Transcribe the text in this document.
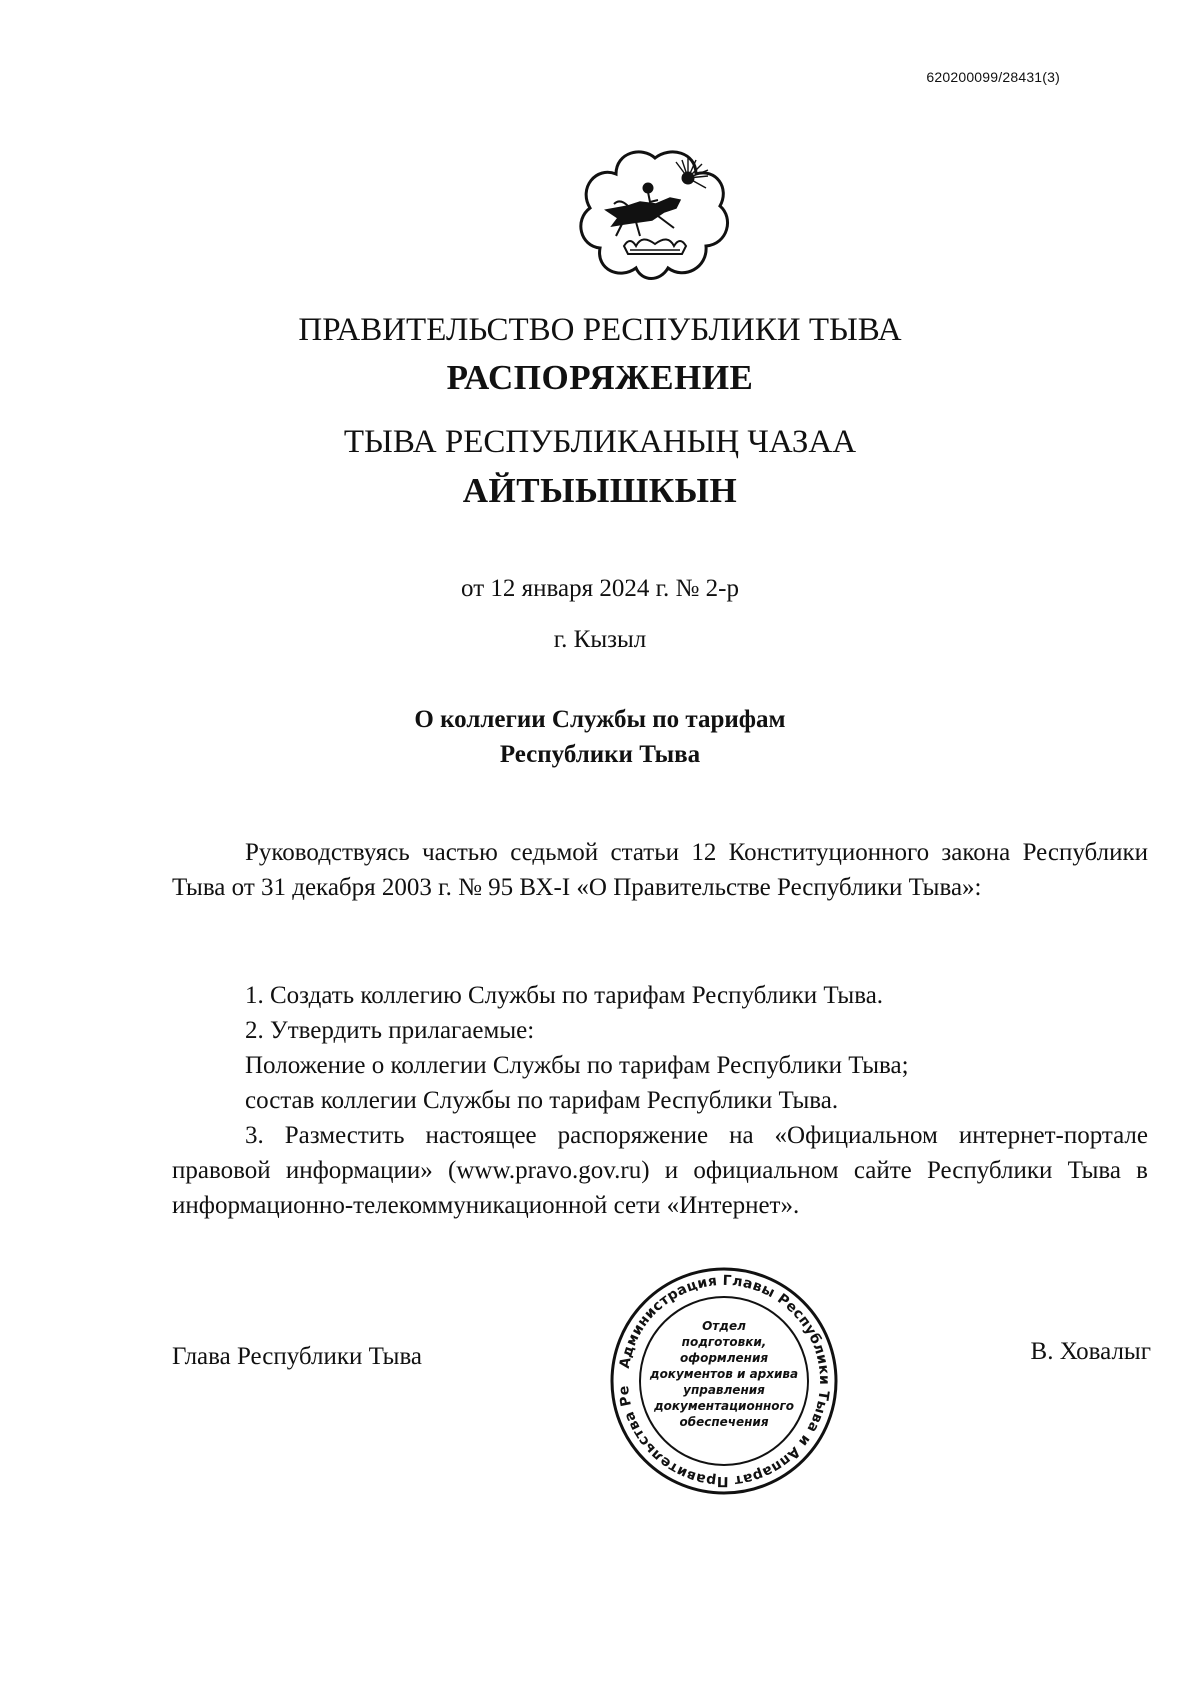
620200099/28431(3)
ПРАВИТЕЛЬСТВО РЕСПУБЛИКИ ТЫВА
РАСПОРЯЖЕНИЕ
ТЫВА РЕСПУБЛИКАНЫҢ ЧАЗАА
АЙТЫЫШКЫН
от 12 января 2024 г. № 2-р
г. Кызыл
О коллегии Службы по тарифам
Республики Тыва
Руководствуясь частью седьмой статьи 12 Конституционного закона Республики Тыва от 31 декабря 2003 г. № 95 ВХ-I «О Правительстве Республики Тыва»:
1. Создать коллегию Службы по тарифам Республики Тыва.
2. Утвердить прилагаемые:
Положение о коллегии Службы по тарифам Республики Тыва;
состав коллегии Службы по тарифам Республики Тыва.
3. Разместить настоящее распоряжение на «Официальном интернет-портале правовой информации» (www.pravo.gov.ru) и официальном сайте Республики Тыва в информационно-телекоммуникационной сети «Интернет».
Глава Республики Тыва	Администрация Главы Республики Тыва и Аппарат Правительства Ре
Отдел
подготовки,
оформления
документов и архива
управления
документационного
обеспечения
В. Ховалыг
